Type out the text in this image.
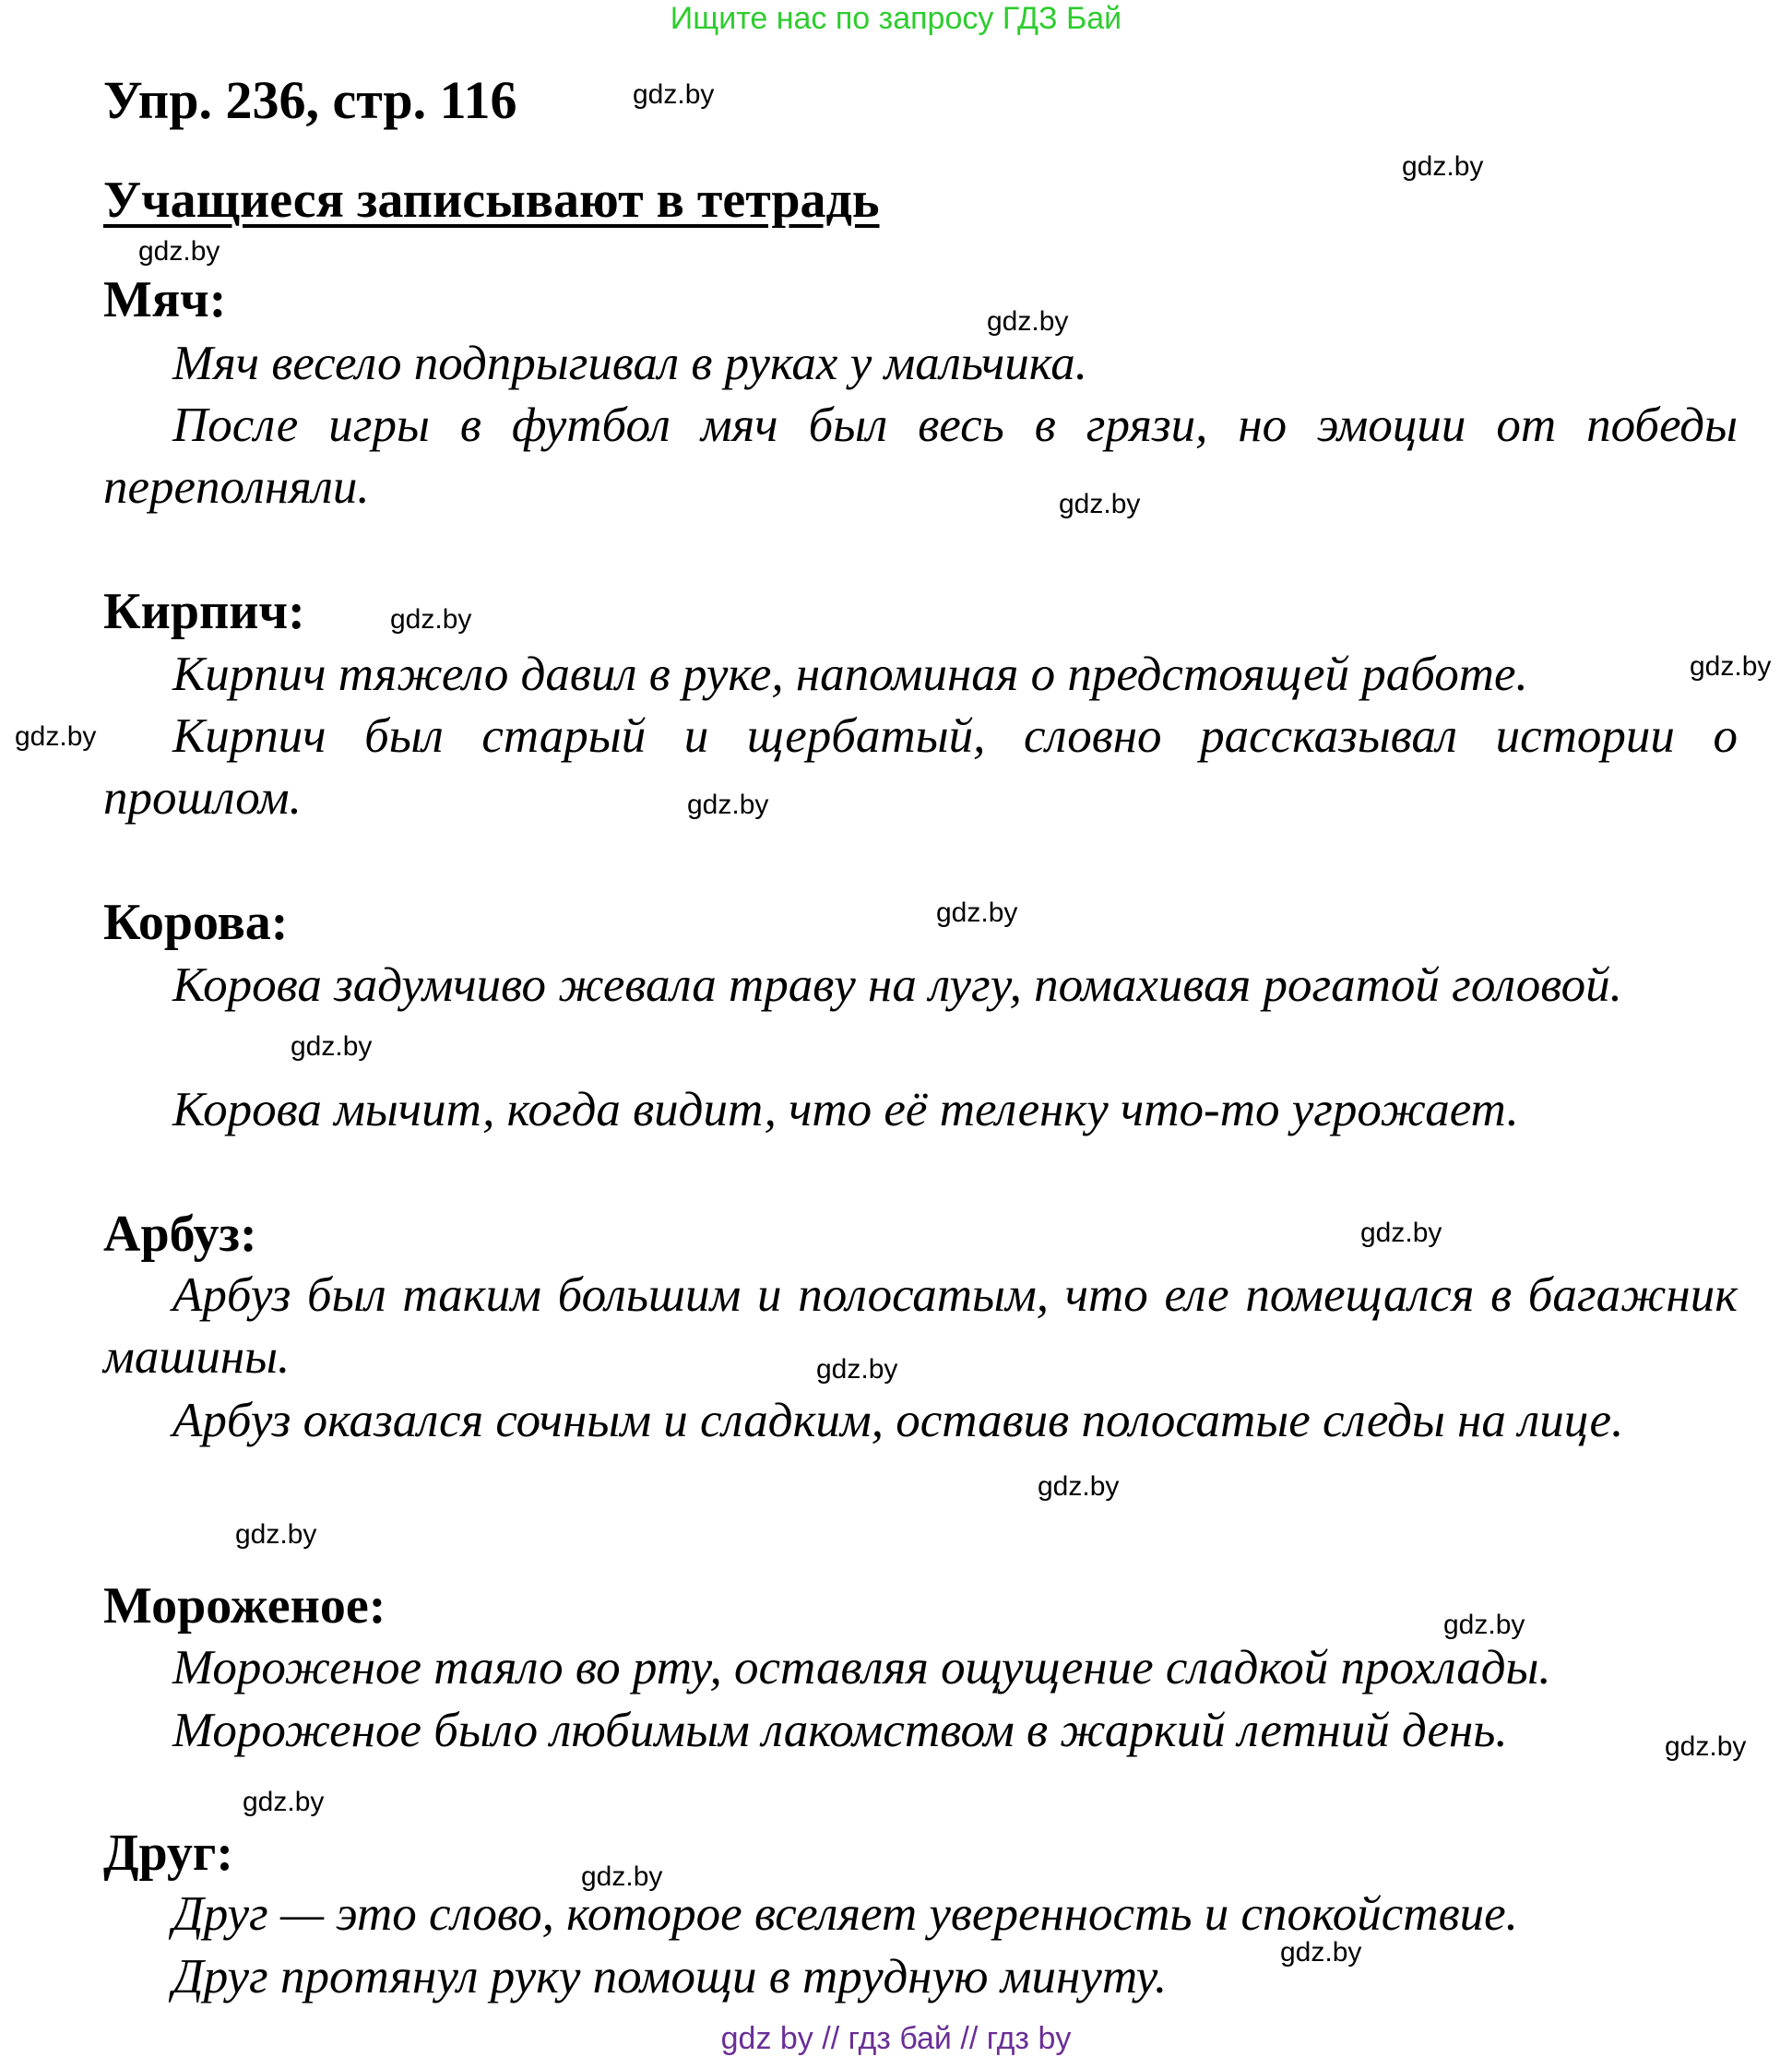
Ищите нас по запросу ГДЗ Бай
Упр. 236, стр. 116
Учащиеся записывают в тетрадь
Мяч:

Мяч весело подпрыгивал в руках у мальчика.

После игры в футбол мяч был весь в грязи, но эмоции от победы переполняли.

Кирпич:

Кирпич тяжело давил в руке, напоминая о предстоящей работе.

Кирпич был старый и щербатый, словно рассказывал истории о прошлом.

Корова:

Корова задумчиво жевала траву на лугу, помахивая рогатой головой.

Корова мычит, когда видит, что её теленку что-то угрожает.

Арбуз:

Арбуз был таким большим и полосатым, что еле помещался в багажник машины.

Арбуз оказался сочным и сладким, оставив полосатые следы на лице.

Мороженое:

Мороженое таяло во рту, оставляя ощущение сладкой прохлады.

Мороженое было любимым лакомством в жаркий летний день.

Друг:

Друг — это слово, которое вселяет уверенность и спокойствие.

Друг протянул руку помощи в трудную минуту.

gdz.by
gdz.by
gdz.by
gdz.by
gdz.by
gdz.by
gdz.by
gdz.by
gdz.by
gdz.by
gdz.by
gdz.by
gdz.by
gdz.by
gdz.by
gdz.by
gdz.by
gdz.by
gdz.by
gdz.by
gdz by // гдз бай // гдз by
